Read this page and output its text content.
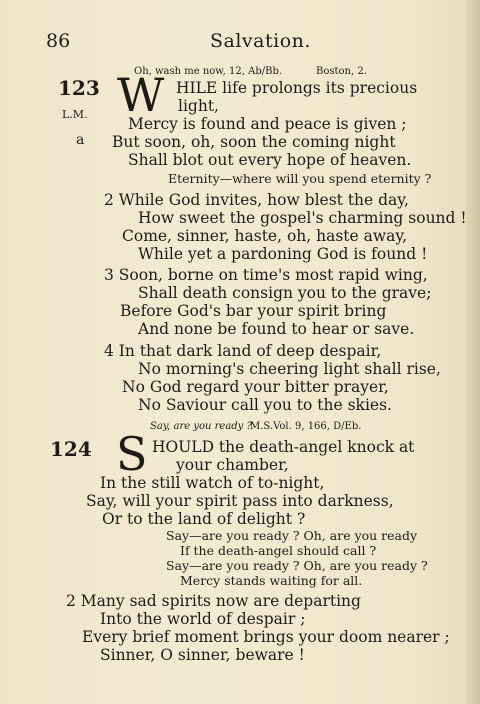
86	Salvation.
Oh, wash me now, 12, Ab/Bb.	Boston, 2.
123
L.M.
a
W HILE life prolongs its precious
light,
Mercy is found and peace is given ;
But soon, oh, soon the coming night
Shall blot out every hope of heaven.
Eternity—where will you spend eternity ?
2 While God invites, how blest the day,
How sweet the gospel's charming sound !
Come, sinner, haste, oh, haste away,
While yet a pardoning God is found !
3 Soon, borne on time's most rapid wing,
Shall death consign you to the grave;
Before God's bar your spirit bring
And none be found to hear or save.
4 In that dark land of deep despair,
No morning's cheering light shall rise,
No God regard your bitter prayer,
No Saviour call you to the skies.
Say, are you ready ?
M.S.Vol. 9, 166, D/Eb.
124 S HOULD the death-angel knock at
your chamber,
In the still watch of to-night,
Say, will your spirit pass into darkness,
Or to the land of delight ?
Say—are you ready ? Oh, are you ready
If the death-angel should call ?
Say—are you ready ? Oh, are you ready ?
Mercy stands waiting for all.
2 Many sad spirits now are departing
Into the world of despair ;
Every brief moment brings your doom nearer ;
Sinner, O sinner, beware !
